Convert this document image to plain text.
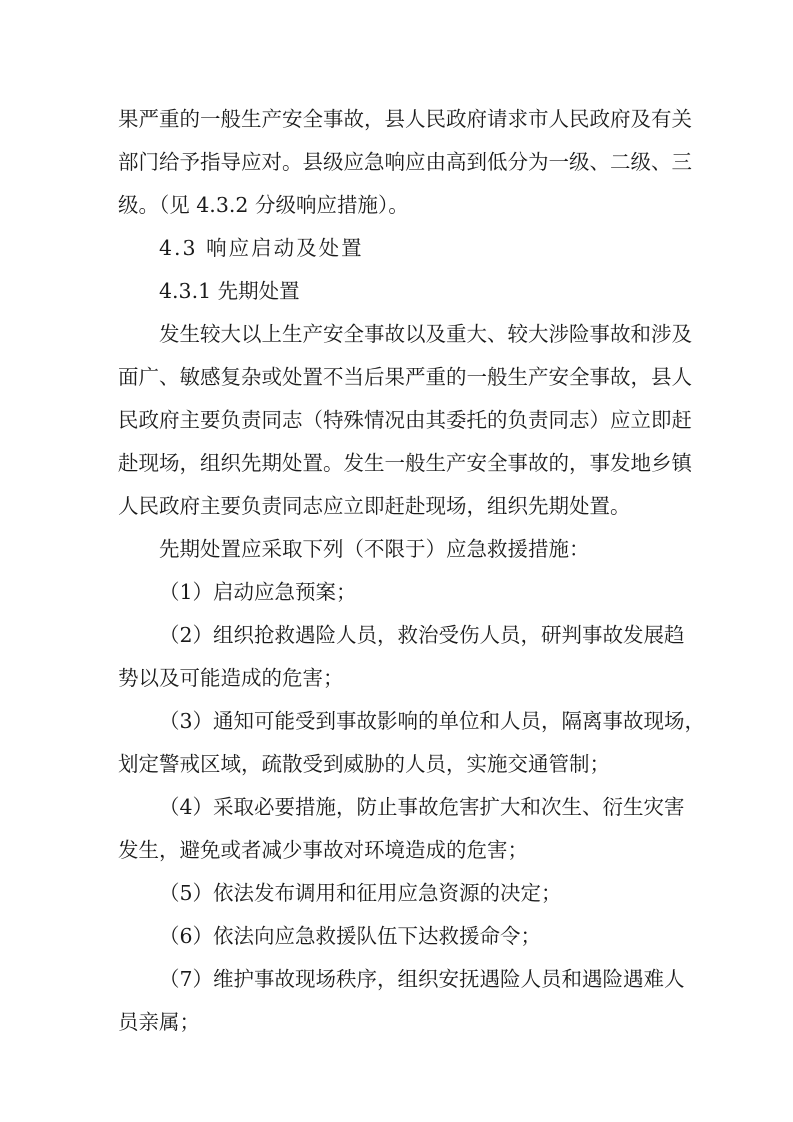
果严重的一般生产安全事故，县人民政府请求市人民政府及有关
部门给予指导应对。县级应急响应由高到低分为一级、二级、三
级。（见 4.3.2 分级响应措施）。
4.3 响应启动及处置
4.3.1 先期处置
发生较大以上生产安全事故以及重大、较大涉险事故和涉及
面广、敏感复杂或处置不当后果严重的一般生产安全事故，县人
民政府主要负责同志（特殊情况由其委托的负责同志）应立即赶
赴现场，组织先期处置。发生一般生产安全事故的，事发地乡镇
人民政府主要负责同志应立即赶赴现场，组织先期处置。
先期处置应采取下列（不限于）应急救援措施：
（1）启动应急预案；
（2）组织抢救遇险人员，救治受伤人员，研判事故发展趋
势以及可能造成的危害；
（3）通知可能受到事故影响的单位和人员，隔离事故现场，
划定警戒区域，疏散受到威胁的人员，实施交通管制；
（4）采取必要措施，防止事故危害扩大和次生、衍生灾害
发生，避免或者减少事故对环境造成的危害；
（5）依法发布调用和征用应急资源的决定；
（6）依法向应急救援队伍下达救援命令；
（7）维护事故现场秩序，组织安抚遇险人员和遇险遇难人
员亲属；
